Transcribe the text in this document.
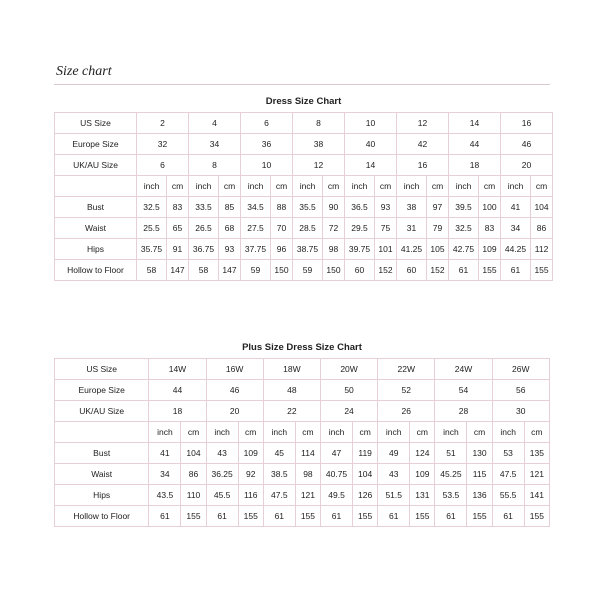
Size chart
Dress Size Chart																
US Size	2		4		6		8		10		12		14		16	
Europe Size	32		34		36		38		40		42		44		46	
UK/AU Size	6		8		10		12		14		16		18		20	
	inch	cm	inch	cm	inch	cm	inch	cm	inch	cm	inch	cm	inch	cm	inch	cm
Bust	32.5	83	33.5	85	34.5	88	35.5	90	36.5	93	38	97	39.5	100	41	104
Waist	25.5	65	26.5	68	27.5	70	28.5	72	29.5	75	31	79	32.5	83	34	86
Hips	35.75	91	36.75	93	37.75	96	38.75	98	39.75	101	41.25	105	42.75	109	44.25	112
Hollow to Floor	58	147	58	147	59	150	59	150	60	152	60	152	61	155	61	155
Plus Size Dress Size Chart														
US Size	14W		16W		18W		20W		22W		24W		26W	
Europe Size	44		46		48		50		52		54		56	
UK/AU Size	18		20		22		24		26		28		30	
	inch	cm	inch	cm	inch	cm	inch	cm	inch	cm	inch	cm	inch	cm
Bust	41	104	43	109	45	114	47	119	49	124	51	130	53	135
Waist	34	86	36.25	92	38.5	98	40.75	104	43	109	45.25	115	47.5	121
Hips	43.5	110	45.5	116	47.5	121	49.5	126	51.5	131	53.5	136	55.5	141
Hollow to Floor	61	155	61	155	61	155	61	155	61	155	61	155	61	155
